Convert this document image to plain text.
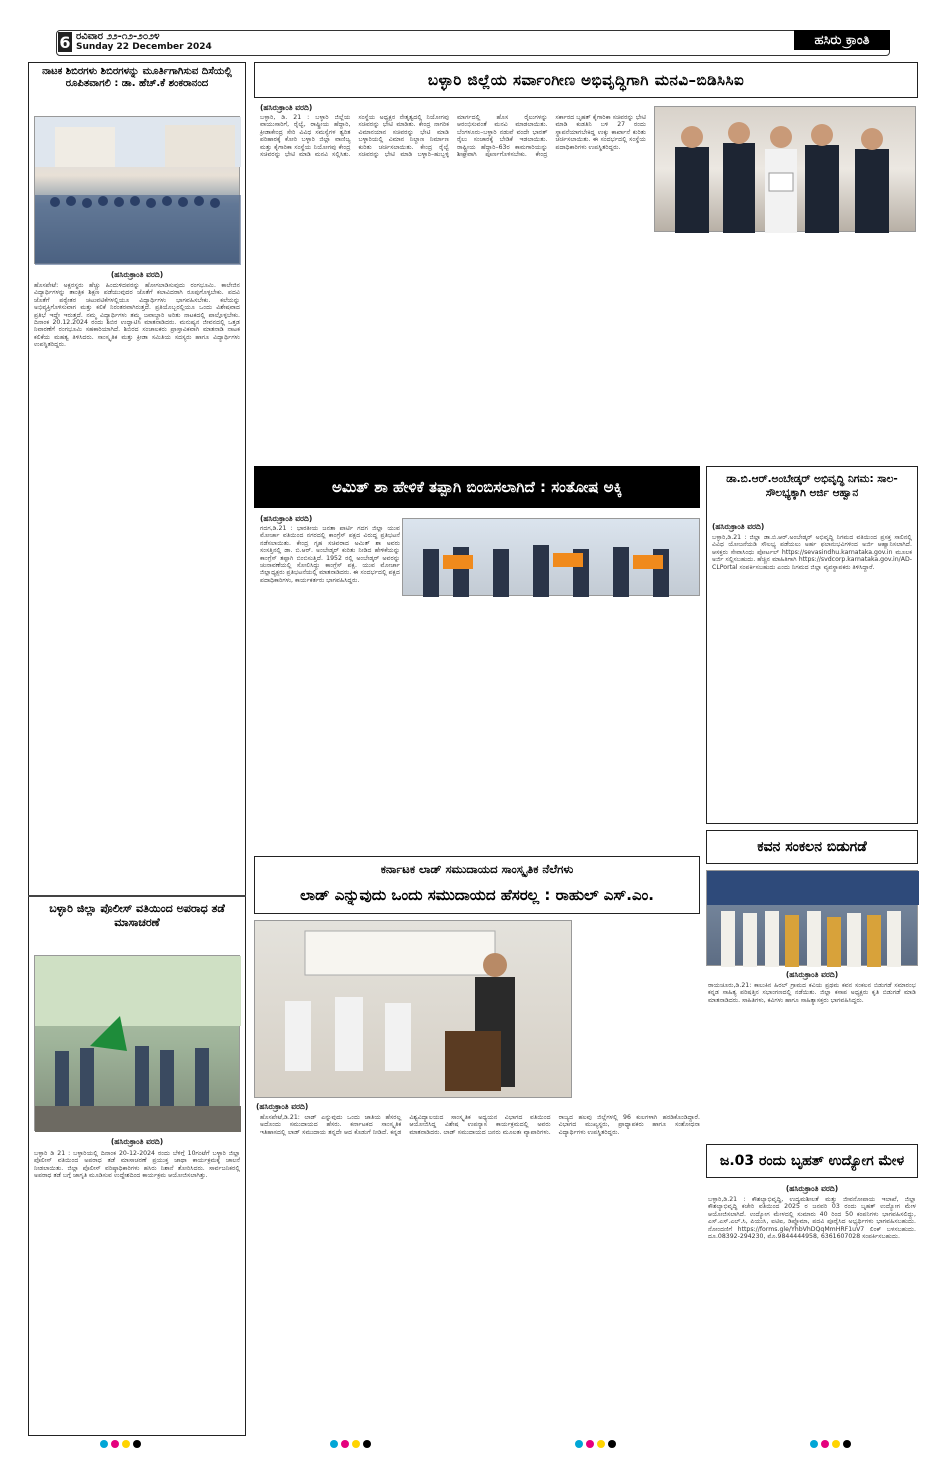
6 ರವಿವಾರ ೨೨-೧೨-೨೦೨೪
Sunday 22 December 2024	ಹಸಿರು ಕ್ರಾಂತಿ
ನಾಟಕ ಶಿಬಿರಗಳು ಶಿಬಿರಗಳನ್ನು ಮೂರ್ತಿಗಾಗಿಸುವ ದಿಸೆಯಲ್ಲಿ ರೂಪಿತವಾಗಲಿ : ಡಾ. ಹೆಚ್.ಕೆ ಶಂಕರಾನಂದ
(ಹಸಿರುಕ್ರಾಂತಿ ವರದಿ)
ಹೊಸಪೇಟೆ: ಅಕ್ಷರಸ್ಥರು ಹೆಚ್ಚು ಹಿಂದುಳಿದವರನ್ನು ಹೋಗಲಾಡಿಸುವುದು ರಂಗಭೂಮಿ. ಕಾಲೇಜಿನ ವಿದ್ಯಾರ್ಥಿಗಳನ್ನು ತಾಂತ್ರಿಕ ಶಿಕ್ಷಣ ಪಡೆಯುವುದರ ಜೊತೆಗೆ ಕಲಾವಿದರಾಗಿ ರೂಪುಗೊಳ್ಳಬೇಕು. ಪದವಿ ಜೊತೆಗೆ ಪಠ್ಯೇತರ ಚಟುವಟಿಕೆಗಳಲ್ಲಿಯೂ ವಿದ್ಯಾರ್ಥಿಗಳು ಭಾಗವಹಿಸಬೇಕು. ಕಲೆಯನ್ನು ಅಭಿವ್ಯಕ್ತಿಗೊಳಿಸುವಾಗ ಮತ್ತು ಕಲಿಕೆ ನಿರಂತರವಾಗಿರುತ್ತದೆ. ಪ್ರತಿಯೊಬ್ಬರಲ್ಲಿಯೂ ಒಂದು ವಿಶೇಷವಾದ ಪ್ರತಿಭೆ ಇದ್ದೇ ಇರುತ್ತದೆ. ನಮ್ಮ ವಿದ್ಯಾರ್ಥಿಗಳು ತಮ್ಮ ಜವಾಬ್ದಾರಿ ಅರಿತು ನಾಟಕದಲ್ಲಿ ಪಾಲ್ಗೊಳ್ಳಬೇಕು. ದಿನಾಂಕ 20.12.2024 ರಂದು ಶಿಬಿರ ಉದ್ಘಾಟಿಸಿ ಮಾತನಾಡಿದರು. ಮನುಷ್ಯನ ಜೀವನದಲ್ಲಿ ಒತ್ತಡ ನಿವಾರಣೆಗೆ ರಂಗಭೂಮಿ ಸಹಕಾರಿಯಾಗಿದೆ. ಶಿಬಿರದ ಸಂಚಾಲಕರು ಪ್ರಾಸ್ತಾವಿಕವಾಗಿ ಮಾತನಾಡಿ ನಾಟಕ ಕಲಿಕೆಯ ಮಹತ್ವ ತಿಳಿಸಿದರು. ಸಾಂಸ್ಕೃತಿಕ ಮತ್ತು ಕ್ರೀಡಾ ಸಮಿತಿಯ ಸದಸ್ಯರು ಹಾಗೂ ವಿದ್ಯಾರ್ಥಿಗಳು ಉಪಸ್ಥಿತರಿದ್ದರು.
ಬಳ್ಳಾರಿ ಜಿಲ್ಲಾ ಪೊಲೀಸ್ ವತಿಯಿಂದ ಅಪರಾಧ ತಡೆ ಮಾಸಾಚರಣೆ
(ಹಸಿರುಕ್ರಾಂತಿ ವರದಿ)
ಬಳ್ಳಾರಿ ಡಿ 21 : ಬಳ್ಳಾರಿಯಲ್ಲಿ ದಿನಾಂಕ 20-12-2024 ರಂದು ಬೆಳಿಗ್ಗೆ 10ಗಂಟೆಗೆ ಬಳ್ಳಾರಿ ಜಿಲ್ಲಾ ಪೊಲೀಸ್ ವತಿಯಿಂದ ಅಪರಾಧ ತಡೆ ಮಾಸಾಚರಣೆ ಪ್ರಯುಕ್ತ ಜಾಥಾ ಕಾರ್ಯಕ್ರಮಕ್ಕೆ ಚಾಲನೆ ನೀಡಲಾಯಿತು. ಜಿಲ್ಲಾ ಪೊಲೀಸ್ ವರಿಷ್ಠಾಧಿಕಾರಿಗಳು ಹಸಿರು ನಿಶಾನೆ ತೋರಿಸಿದರು. ಸಾರ್ವಜನಿಕರಲ್ಲಿ ಅಪರಾಧ ತಡೆ ಬಗ್ಗೆ ಜಾಗೃತಿ ಮೂಡಿಸುವ ಉದ್ದೇಶದಿಂದ ಕಾರ್ಯಕ್ರಮ ಆಯೋಜಿಸಲಾಗಿತ್ತು.
ಬಳ್ಳಾರಿ ಜಿಲ್ಲೆಯ ಸರ್ವಾಂಗೀಣ ಅಭಿವೃದ್ಧಿಗಾಗಿ ಮನವಿ–ಬಿಡಿಸಿಸಿಐ
(ಹಸಿರುಕ್ರಾಂತಿ ವರದಿ)
ಬಳ್ಳಾರಿ, ಡಿ. 21 : ಬಳ್ಳಾರಿ ಜಿಲ್ಲೆಯ ವಾಯುಸಾರಿಗೆ, ರೈಲ್ವೆ, ರಾಷ್ಟ್ರೀಯ ಹೆದ್ದಾರಿ, ಕ್ರೀಡಾಕೇಂದ್ರ ಸೇರಿ ವಿವಿಧ ಸಮಸ್ಯೆಗಳ ತ್ವರಿತ ಪರಿಹಾರಕ್ಕೆ ಕೋರಿ ಬಳ್ಳಾರಿ ಜಿಲ್ಲಾ ವಾಣಿಜ್ಯ ಮತ್ತು ಕೈಗಾರಿಕಾ ಸಂಸ್ಥೆಯ ನಿಯೋಗವು ಕೇಂದ್ರ ಸಚಿವರನ್ನು ಭೇಟಿ ಮಾಡಿ ಮನವಿ ಸಲ್ಲಿಸಿತು. ಸಂಸ್ಥೆಯ ಅಧ್ಯಕ್ಷರ ನೇತೃತ್ವದಲ್ಲಿ ನಿಯೋಗವು ಸಚಿವರನ್ನು ಭೇಟಿ ಮಾಡಿತು. ಕೇಂದ್ರ ನಾಗರಿಕ ವಿಮಾನಯಾನ ಸಚಿವರನ್ನು ಭೇಟಿ ಮಾಡಿ ಬಳ್ಳಾರಿಯಲ್ಲಿ ವಿಮಾನ ನಿಲ್ದಾಣ ನಿರ್ಮಾಣ ಕುರಿತು ಚರ್ಚಿಸಲಾಯಿತು. ಕೇಂದ್ರ ರೈಲ್ವೆ ಸಚಿವರನ್ನು ಭೇಟಿ ಮಾಡಿ ಬಳ್ಳಾರಿ–ಹುಬ್ಬಳ್ಳಿ ಮಾರ್ಗದಲ್ಲಿ ಹೊಸ ರೈಲುಗಳನ್ನು ಆರಂಭಿಸುವಂತೆ ಮನವಿ ಮಾಡಲಾಯಿತು. ಬೆಂಗಳೂರು–ಬಳ್ಳಾರಿ ನಡುವೆ ವಂದೇ ಭಾರತ್ ರೈಲು ಸಂಚಾರಕ್ಕೆ ಬೇಡಿಕೆ ಇಡಲಾಯಿತು. ರಾಷ್ಟ್ರೀಯ ಹೆದ್ದಾರಿ–63ರ ಕಾಮಗಾರಿಯನ್ನು ಶೀಘ್ರವಾಗಿ ಪೂರ್ಣಗೊಳಿಸಬೇಕು. ಕೇಂದ್ರ ಸರ್ಕಾರದ ಬೃಹತ್ ಕೈಗಾರಿಕಾ ಸಚಿವರನ್ನು ಭೇಟಿ ಮಾಡಿ ಕುಡತಿನಿ ಬಳಿ 27 ರಂದು ಸ್ಥಾಪನೆಯಾಗಬೇಕಿದ್ದ ಉಕ್ಕು ಕಾರ್ಖಾನೆ ಕುರಿತು ಚರ್ಚಿಸಲಾಯಿತು. ಈ ಸಂದರ್ಭದಲ್ಲಿ ಸಂಸ್ಥೆಯ ಪದಾಧಿಕಾರಿಗಳು ಉಪಸ್ಥಿತರಿದ್ದರು.
ಅಮಿತ್ ಶಾ ಹೇಳಿಕೆ ತಪ್ಪಾಗಿ ಬಿಂಬಿಸಲಾಗಿದೆ : ಸಂತೋಷ ಅಕ್ಕಿ
(ಹಸಿರುಕ್ರಾಂತಿ ವರದಿ)
ಗದಗ,ಡಿ.21 : ಭಾರತೀಯ ಜನತಾ ಪಾರ್ಟಿ ಗದಗ ಜಿಲ್ಲಾ ಯುವ ಮೋರ್ಚಾ ವತಿಯಿಂದ ನಗರದಲ್ಲಿ ಕಾಂಗ್ರೆಸ್ ಪಕ್ಷದ ವಿರುದ್ಧ ಪ್ರತಿಭಟನೆ ನಡೆಸಲಾಯಿತು. ಕೇಂದ್ರ ಗೃಹ ಸಚಿವರಾದ ಅಮಿತ್ ಶಾ ಅವರು ಸಂಸತ್ತಿನಲ್ಲಿ ಡಾ. ಬಿ.ಆರ್. ಅಂಬೇಡ್ಕರ್ ಕುರಿತು ನೀಡಿದ ಹೇಳಿಕೆಯನ್ನು ಕಾಂಗ್ರೆಸ್ ತಪ್ಪಾಗಿ ಬಿಂಬಿಸುತ್ತಿದೆ. 1952 ರಲ್ಲಿ ಅಂಬೇಡ್ಕರ್ ಅವರನ್ನು ಚುನಾವಣೆಯಲ್ಲಿ ಸೋಲಿಸಿದ್ದು ಕಾಂಗ್ರೆಸ್ ಪಕ್ಷ. ಯುವ ಮೋರ್ಚಾ ಜಿಲ್ಲಾಧ್ಯಕ್ಷರು ಪ್ರತಿಭಟನೆಯಲ್ಲಿ ಮಾತನಾಡಿದರು. ಈ ಸಂದರ್ಭದಲ್ಲಿ ಪಕ್ಷದ ಪದಾಧಿಕಾರಿಗಳು, ಕಾರ್ಯಕರ್ತರು ಭಾಗವಹಿಸಿದ್ದರು.
ಡಾ.ಬಿ.ಆರ್.ಅಂಬೇಡ್ಕರ್ ಅಭಿವೃದ್ಧಿ ನಿಗಮ: ಸಾಲ-ಸೌಲಭ್ಯಕ್ಕಾಗಿ ಅರ್ಜಿ ಆಹ್ವಾನ
(ಹಸಿರುಕ್ರಾಂತಿ ವರದಿ)
ಬಳ್ಳಾರಿ,ಡಿ.21 : ಜಿಲ್ಲಾ ಡಾ.ಬಿ.ಆರ್.ಅಂಬೇಡ್ಕರ್ ಅಭಿವೃದ್ಧಿ ನಿಗಮದ ವತಿಯಿಂದ ಪ್ರಸಕ್ತ ಸಾಲಿನಲ್ಲಿ ವಿವಿಧ ಯೋಜನೆಯಡಿ ಸೌಲಭ್ಯ ಪಡೆಯಲು ಅರ್ಹ ಫಲಾನುಭವಿಗಳಿಂದ ಅರ್ಜಿ ಆಹ್ವಾನಿಸಲಾಗಿದೆ. ಆಸಕ್ತರು ಸೇವಾಸಿಂಧು ಪೋರ್ಟಲ್ https://sevasindhu.karnataka.gov.in ಮೂಲಕ ಅರ್ಜಿ ಸಲ್ಲಿಸಬಹುದು. ಹೆಚ್ಚಿನ ಮಾಹಿತಿಗಾಗಿ https://svdcorp.karnataka.gov.in/AD-CLPortal ಸಂಪರ್ಕಿಸಬಹುದು ಎಂದು ನಿಗಮದ ಜಿಲ್ಲಾ ವ್ಯವಸ್ಥಾಪಕರು ತಿಳಿಸಿದ್ದಾರೆ.
ಕವನ ಸಂಕಲನ ಬಿಡುಗಡೆ
(ಹಸಿರುಕ್ರಾಂತಿ ವರದಿ)
ರಾಯಚೂರು,ಡಿ.21: ಕಾಲುಕಿನ ಹಿರಲ್ ಗ್ರಾಮದ ಕವಿಯ ಪ್ರಥಮ ಕವನ ಸಂಕಲನ ಬಿಡುಗಡೆ ಸಮಾರಂಭ ಕನ್ನಡ ಸಾಹಿತ್ಯ ಪರಿಷತ್ತಿನ ಸಭಾಂಗಣದಲ್ಲಿ ನಡೆಯಿತು. ಜಿಲ್ಲಾ ಕಸಾಪ ಅಧ್ಯಕ್ಷರು ಕೃತಿ ಬಿಡುಗಡೆ ಮಾಡಿ ಮಾತನಾಡಿದರು. ಸಾಹಿತಿಗಳು, ಕವಿಗಳು ಹಾಗೂ ಸಾಹಿತ್ಯಾಸಕ್ತರು ಭಾಗವಹಿಸಿದ್ದರು.
ಜ.03 ರಂದು ಬೃಹತ್ ಉದ್ಯೋಗ ಮೇಳ
(ಹಸಿರುಕ್ರಾಂತಿ ವರದಿ)
ಬಳ್ಳಾರಿ,ಡಿ.21 : ಕೌಶಲ್ಯಾಭಿವೃದ್ಧಿ, ಉದ್ಯಮಶೀಲತೆ ಮತ್ತು ಜೀವನೋಪಾಯ ಇಲಾಖೆ, ಜಿಲ್ಲಾ ಕೌಶಲ್ಯಾಭಿವೃದ್ಧಿ ಕಚೇರಿ ವತಿಯಿಂದ 2025 ರ ಜನವರಿ 03 ರಂದು ಬೃಹತ್ ಉದ್ಯೋಗ ಮೇಳ ಆಯೋಜಿಸಲಾಗಿದೆ. ಉದ್ಯೋಗ ಮೇಳದಲ್ಲಿ ಸುಮಾರು 40 ರಿಂದ 50 ಕಂಪನಿಗಳು ಭಾಗವಹಿಸಲಿದ್ದು, ಎಸ್.ಎಸ್.ಎಲ್.ಸಿ, ಪಿಯುಸಿ, ಐಟಿಐ, ಡಿಪ್ಲೊಮಾ, ಪದವಿ ಪೂರೈಸಿದ ಅಭ್ಯರ್ಥಿಗಳು ಭಾಗವಹಿಸಬಹುದು. ನೋಂದಣಿಗೆ https://forms.gle/YhbVhDQqMmHRF1uV7 ಲಿಂಕ್ ಬಳಸಬಹುದು. ದೂ.08392-294230, ಮೊ.9844444958, 6361607028 ಸಂಪರ್ಕಿಸಬಹುದು.
ಕರ್ನಾಟಕ ಲಾಡ್ ಸಮುದಾಯದ ಸಾಂಸ್ಕೃತಿಕ ನೆಲೆಗಳು
ಲಾಡ್ ಎನ್ನುವುದು ಒಂದು ಸಮುದಾಯದ ಹೆಸರಲ್ಲ : ರಾಹುಲ್ ಎಸ್.ಎಂ.
(ಹಸಿರುಕ್ರಾಂತಿ ವರದಿ)
ಹೊಸಪೇಟೆ,ಡಿ.21: ಲಾಡ್ ಎನ್ನುವುದು ಒಂದು ಜಾತಿಯ ಹೆಸರಲ್ಲ ಅದೊಂದು ಸಮುದಾಯದ ಹೆಸರು. ಕರ್ನಾಟಕದ ಸಾಂಸ್ಕೃತಿಕ ಇತಿಹಾಸದಲ್ಲಿ ಲಾಡ್ ಸಮುದಾಯ ತನ್ನದೇ ಆದ ಕೊಡುಗೆ ನೀಡಿದೆ. ಕನ್ನಡ ವಿಶ್ವವಿದ್ಯಾಲಯದ ಸಾಂಸ್ಕೃತಿಕ ಅಧ್ಯಯನ ವಿಭಾಗದ ವತಿಯಿಂದ ಆಯೋಜಿಸಿದ್ದ ವಿಶೇಷ ಉಪನ್ಯಾಸ ಕಾರ್ಯಕ್ರಮದಲ್ಲಿ ಅವರು ಮಾತನಾಡಿದರು. ಲಾಡ್ ಸಮುದಾಯದ ಜನರು ಮೂಲತಃ ವ್ಯಾಪಾರಿಗಳು. ರಾಜ್ಯದ ಹಲವು ಜಿಲ್ಲೆಗಳಲ್ಲಿ 96 ಕುಲಗಳಾಗಿ ಹರಡಿಕೊಂಡಿದ್ದಾರೆ. ವಿಭಾಗದ ಮುಖ್ಯಸ್ಥರು, ಪ್ರಾಧ್ಯಾಪಕರು ಹಾಗೂ ಸಂಶೋಧನಾ ವಿದ್ಯಾರ್ಥಿಗಳು ಉಪಸ್ಥಿತರಿದ್ದರು.
